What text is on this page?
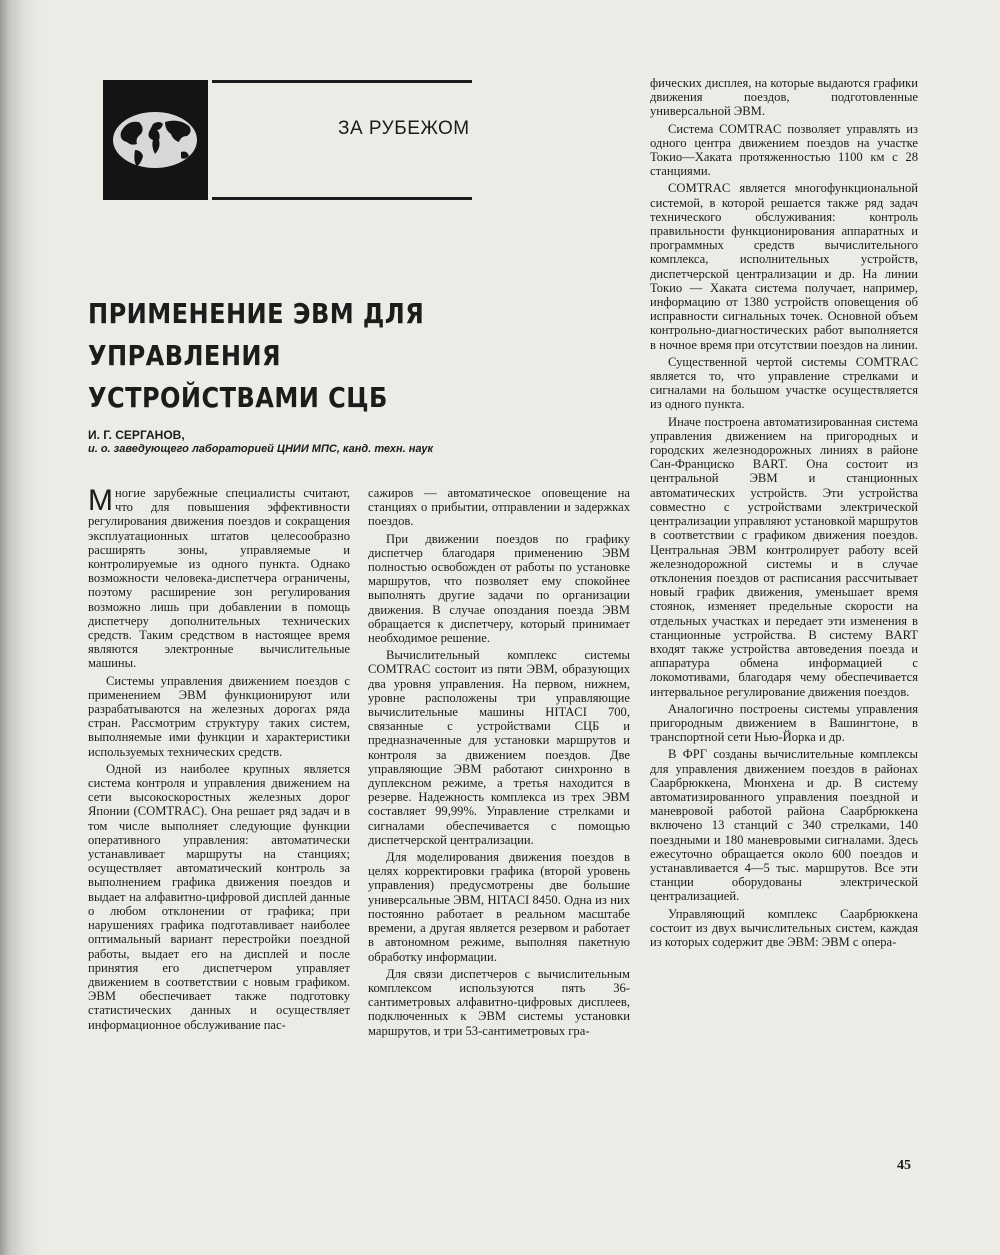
ЗА РУБЕЖОМ
ПРИМЕНЕНИЕ ЭВМ ДЛЯ УПРАВЛЕНИЯ
УСТРОЙСТВАМИ СЦБ
И. Г. СЕРГАНОВ,
и. о. заведующего лабораторией ЦНИИ МПС, канд. техн. наук

Многие зарубежные специалисты считают, что для повышения эффективности регулирования движения поездов и сокращения эксплуатационных штатов целесообразно расширять зоны, управляемые и контролируемые из одного пункта. Однако возможности человека-диспетчера ограничены, поэтому расширение зон регулирования возможно лишь при добавлении в помощь диспетчеру дополнительных технических средств. Таким средством в настоящее время являются электронные вычислительные машины.

Системы управления движением поездов с применением ЭВМ функционируют или разрабатываются на железных дорогах ряда стран. Рассмотрим структуру таких систем, выполняемые ими функции и характеристики используемых технических средств.

Одной из наиболее крупных является система контроля и управления движением на сети высокоскоростных железных дорог Японии (COMTRAC). Она решает ряд задач и в том числе выполняет следующие функции оперативного управления: автоматически устанавливает маршруты на станциях; осуществляет автоматический контроль за выполнением графика движения поездов и выдает на алфавитно-цифровой дисплей данные о любом отклонении от графика; при нарушениях графика подготавливает наиболее оптимальный вариант перестройки поездной работы, выдает его на дисплей и после принятия его диспетчером управляет движением в соответствии с новым графиком. ЭВМ обеспечивает также подготовку статистических данных и осуществляет информационное обслуживание пас-

сажиров — автоматическое оповещение на станциях о прибытии, отправлении и задержках поездов.

При движении поездов по графику диспетчер благодаря применению ЭВМ полностью освобожден от работы по установке маршрутов, что позволяет ему спокойнее выполнять другие задачи по организации движения. В случае опоздания поезда ЭВМ обращается к диспетчеру, который принимает необходимое решение.

Вычислительный комплекс системы COMTRAC состоит из пяти ЭВМ, образующих два уровня управления. На первом, нижнем, уровне расположены три управляющие вычислительные машины HITACI 700, связанные с устройствами СЦБ и предназначенные для установки маршрутов и контроля за движением поездов. Две управляющие ЭВМ работают синхронно в дуплексном режиме, а третья находится в резерве. Надежность комплекса из трех ЭВМ составляет 99,99%. Управление стрелками и сигналами обеспечивается с помощью диспетчерской централизации.

Для моделирования движения поездов в целях корректировки графика (второй уровень управления) предусмотрены две большие универсальные ЭВМ, HITACI 8450. Одна из них постоянно работает в реальном масштабе времени, а другая является резервом и работает в автономном режиме, выполняя пакетную обработку информации.

Для связи диспетчеров с вычислительным комплексом используются пять 36-сантиметровых алфавитно-цифровых дисплеев, подключенных к ЭВМ системы установки маршрутов, и три 53-сантиметровых гра-

фических дисплея, на которые выдаются графики движения поездов, подготовленные универсальной ЭВМ.

Система COMTRAC позволяет управлять из одного центра движением поездов на участке Токио—Хаката протяженностью 1100 км с 28 станциями.

COMTRAC является многофункциональной системой, в которой решается также ряд задач технического обслуживания: контроль правильности функционирования аппаратных и программных средств вычислительного комплекса, исполнительных устройств, диспетчерской централизации и др. На линии Токио — Хаката система получает, например, информацию от 1380 устройств оповещения об исправности сигнальных точек. Основной объем контрольно-диагностических работ выполняется в ночное время при отсутствии поездов на линии.

Существенной чертой системы COMTRAC является то, что управление стрелками и сигналами на большом участке осуществляется из одного пункта.

Иначе построена автоматизированная система управления движением на пригородных и городских железнодорожных линиях в районе Сан-Франциско BART. Она состоит из центральной ЭВМ и станционных автоматических устройств. Эти устройства совместно с устройствами электрической централизации управляют установкой маршрутов в соответствии с графиком движения поездов. Центральная ЭВМ контролирует работу всей железнодорожной системы и в случае отклонения поездов от расписания рассчитывает новый график движения, уменьшает время стоянок, изменяет предельные скорости на отдельных участках и передает эти изменения в станционные устройства. В систему BART входят также устройства автоведения поезда и аппаратура обмена информацией с локомотивами, благодаря чему обеспечивается интервальное регулирование движения поездов.

Аналогично построены системы управления пригородным движением в Вашингтоне, в транспортной сети Нью-Йорка и др.

В ФРГ созданы вычислительные комплексы для управления движением поездов в районах Саарбрюккена, Мюнхена и др. В систему автоматизированного управления поездной и маневровой работой района Саарбрюккена включено 13 станций с 340 стрелками, 140 поездными и 180 маневровыми сигналами. Здесь ежесуточно обращается около 600 поездов и устанавливается 4—5 тыс. маршрутов. Все эти станции оборудованы электрической централизацией.

Управляющий комплекс Саарбрюккена состоит из двух вычислительных систем, каждая из которых содержит две ЭВМ: ЭВМ с опера-

45
